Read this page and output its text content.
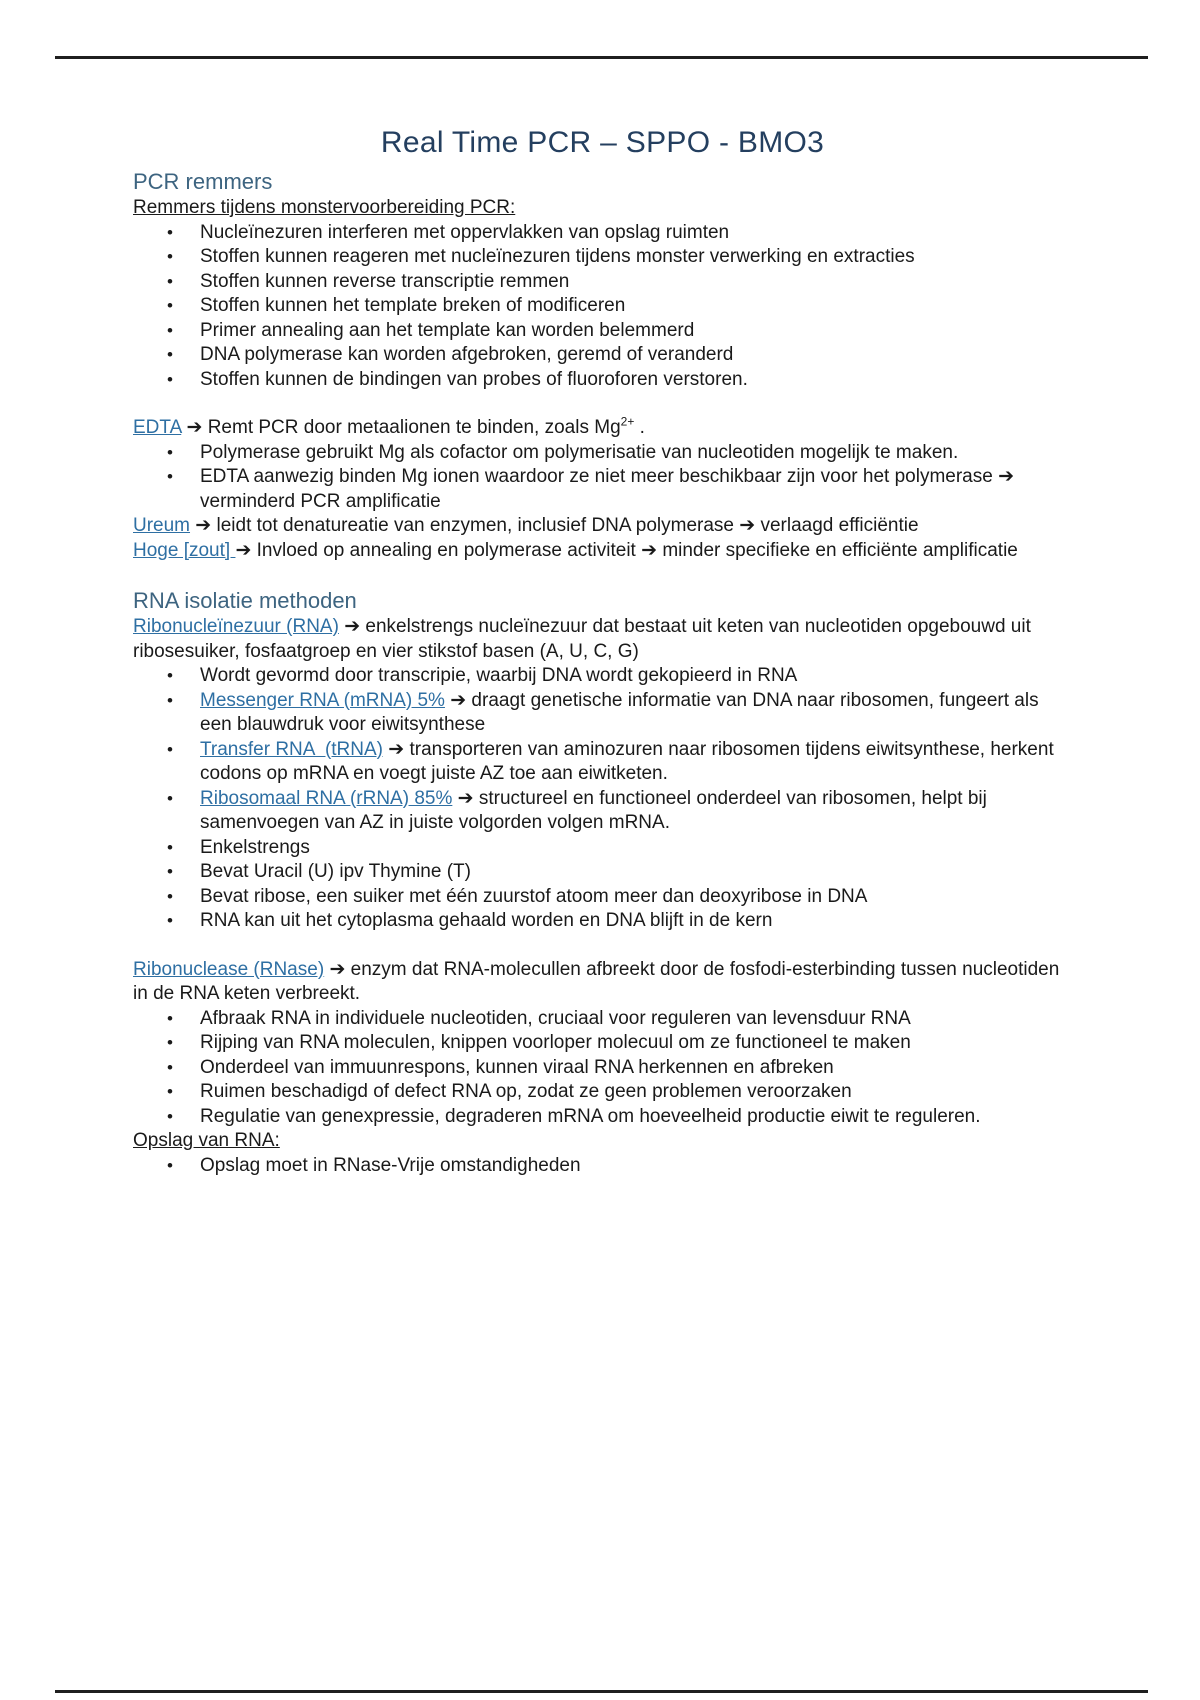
Real Time PCR – SPPO - BMO3
PCR remmers

Remmers tijdens monstervoorbereiding PCR:

• Nucleïnezuren interferen met oppervlakken van opslag ruimten
• Stoffen kunnen reageren met nucleïnezuren tijdens monster verwerking en extracties
• Stoffen kunnen reverse transcriptie remmen
• Stoffen kunnen het template breken of modificeren
• Primer annealing aan het template kan worden belemmerd
• DNA polymerase kan worden afgebroken, geremd of veranderd
• Stoffen kunnen de bindingen van probes of fluoroforen verstoren.

EDTA ➔ Remt PCR door metaalionen te binden, zoals $Mg^{2+}$ .

• Polymerase gebruikt Mg als cofactor om polymerisatie van nucleotiden mogelijk te maken.
• EDTA aanwezig binden Mg ionen waardoor ze niet meer beschikbaar zijn voor het polymerase ➔ verminderd PCR amplificatie

Ureum ➔ leidt tot denatureatie van enzymen, inclusief DNA polymerase ➔ verlaagd efficiëntie

Hoge [zout] ➔ Invloed op annealing en polymerase activiteit ➔ minder specifieke en efficiënte amplificatie

RNA isolatie methoden

Ribonucleïnezuur (RNA) ➔ enkelstrengs nucleïnezuur dat bestaat uit keten van nucleotiden opgebouwd uit ribosesuiker, fosfaatgroep en vier stikstof basen (A, U, C, G)

• Wordt gevormd door transcripie, waarbij DNA wordt gekopieerd in RNA
• Messenger RNA (mRNA) 5% ➔ draagt genetische informatie van DNA naar ribosomen, fungeert als een blauwdruk voor eiwitsynthese
• Transfer RNA  (tRNA) ➔ transporteren van aminozuren naar ribosomen tijdens eiwitsynthese, herkent codons op mRNA en voegt juiste AZ toe aan eiwitketen.
• Ribosomaal RNA (rRNA) 85% ➔ structureel en functioneel onderdeel van ribosomen, helpt bij samenvoegen van AZ in juiste volgorden volgen mRNA.
• Enkelstrengs
• Bevat Uracil (U) ipv Thymine (T)
• Bevat ribose, een suiker met één zuurstof atoom meer dan deoxyribose in DNA
• RNA kan uit het cytoplasma gehaald worden en DNA blijft in de kern

Ribonuclease (RNase) ➔ enzym dat RNA-molecullen afbreekt door de fosfodi-esterbinding tussen nucleotiden in de RNA keten verbreekt.

• Afbraak RNA in individuele nucleotiden, cruciaal voor reguleren van levensduur RNA
• Rijping van RNA moleculen, knippen voorloper molecuul om ze functioneel te maken
• Onderdeel van immuunrespons, kunnen viraal RNA herkennen en afbreken
• Ruimen beschadigd of defect RNA op, zodat ze geen problemen veroorzaken
• Regulatie van genexpressie, degraderen mRNA om hoeveelheid productie eiwit te reguleren.

Opslag van RNA:

• Opslag moet in RNase-Vrije omstandigheden
